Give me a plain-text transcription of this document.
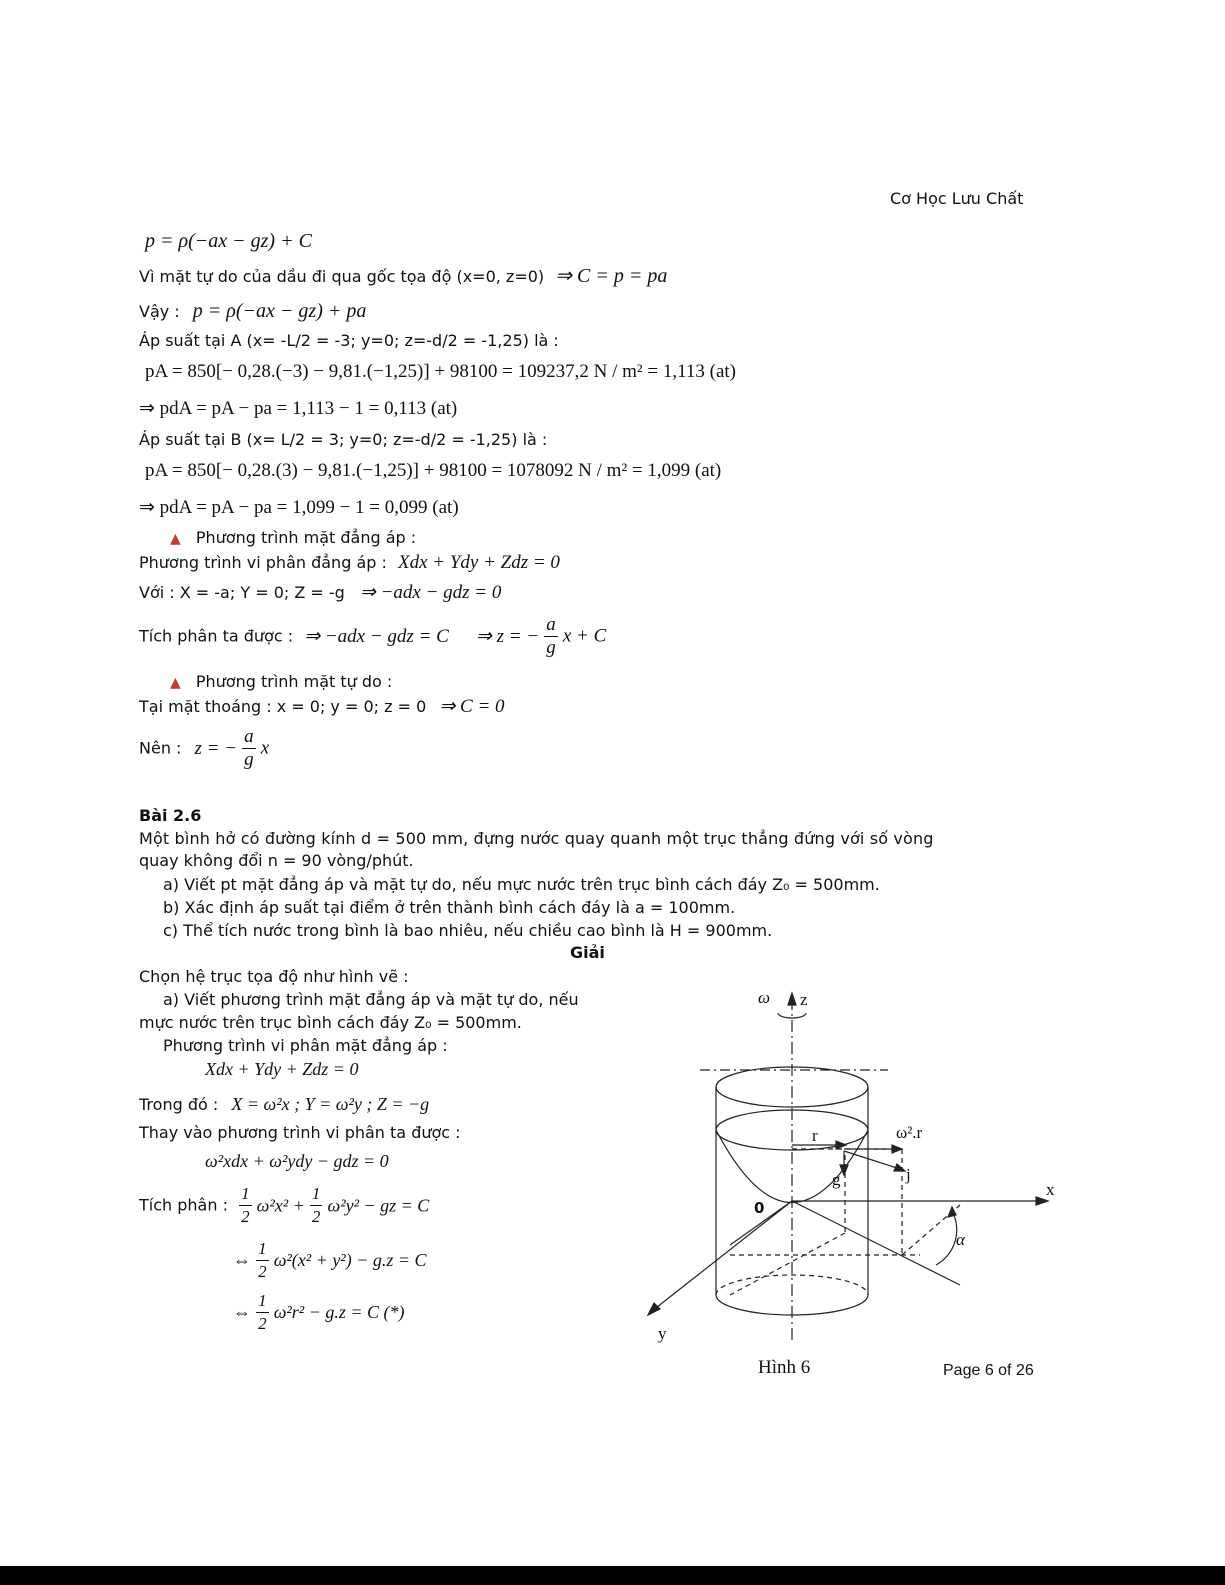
Cơ Học Lưu Chất
p = ρ(−ax − gz) + C
Vì mặt tự do của dầu đi qua gốc tọa độ (x=0, z=0) ⇒ C = p = pa
Vậy : p = ρ(−ax − gz) + pa
Áp suất tại A (x= -L/2 = -3; y=0; z=-d/2 = -1,25) là :
pA = 850[− 0,28.(−3) − 9,81.(−1,25)] + 98100 = 109237,2 N / m² = 1,113 (at)
⇒ pdA = pA − pa = 1,113 − 1 = 0,113 (at)
Áp suất tại B (x= L/2 = 3; y=0; z=-d/2 = -1,25) là :
pA = 850[− 0,28.(3) − 9,81.(−1,25)] + 98100 = 1078092 N / m² = 1,099 (at)
⇒ pdA = pA − pa = 1,099 − 1 = 0,099 (at)
▲ Phương trình mặt đẳng áp :
Phương trình vi phân đẳng áp : Xdx + Ydy + Zdz = 0
Với : X = -a; Y = 0; Z = -g ⇒ −adx − gdz = 0
Tích phân ta được : ⇒ −adx − gdz = C ⇒ z = − $\frac{a}{g}$ x + C
▲ Phương trình mặt tự do :
Tại mặt thoáng : x = 0; y = 0; z = 0 ⇒ C = 0
Nên : z = − $\frac{a}{g}$ x
Bài 2.6
Một bình hở có đường kính d = 500 mm, đựng nước quay quanh một trục thẳng đứng với số vòng
quay không đổi n = 90 vòng/phút.
a) Viết pt mặt đẳng áp và mặt tự do, nếu mực nước trên trục bình cách đáy Z₀ = 500mm.
b) Xác định áp suất tại điểm ở trên thành bình cách đáy là a = 100mm.
c) Thể tích nước trong bình là bao nhiêu, nếu chiều cao bình là H = 900mm.
Giải
Chọn hệ trục tọa độ như hình vẽ :
a) Viết phương trình mặt đẳng áp và mặt tự do, nếu
mực nước trên trục bình cách đáy Z₀ = 500mm.
Phương trình vi phân mặt đẳng áp :
Xdx + Ydy + Zdz = 0
Trong đó : X = ω²x ; Y = ω²y ; Z = −g
Thay vào phương trình vi phân ta được :
ω²xdx + ω²ydy − gdz = 0
Tích phân : $\frac{1}{2} \omega^2x^2 + \frac{1}{2} \omega^2y^2$ − gz = C
⇔ $\frac{1}{2} \omega^2(x^2 + y^2) - g.z = C$
⇔ $\frac{1}{2} \omega^2r^2 - g.z = C$ (*)
ω z
x
y
0
r	ω².r
g	j
α
Hình 6	Page 6 of 26
